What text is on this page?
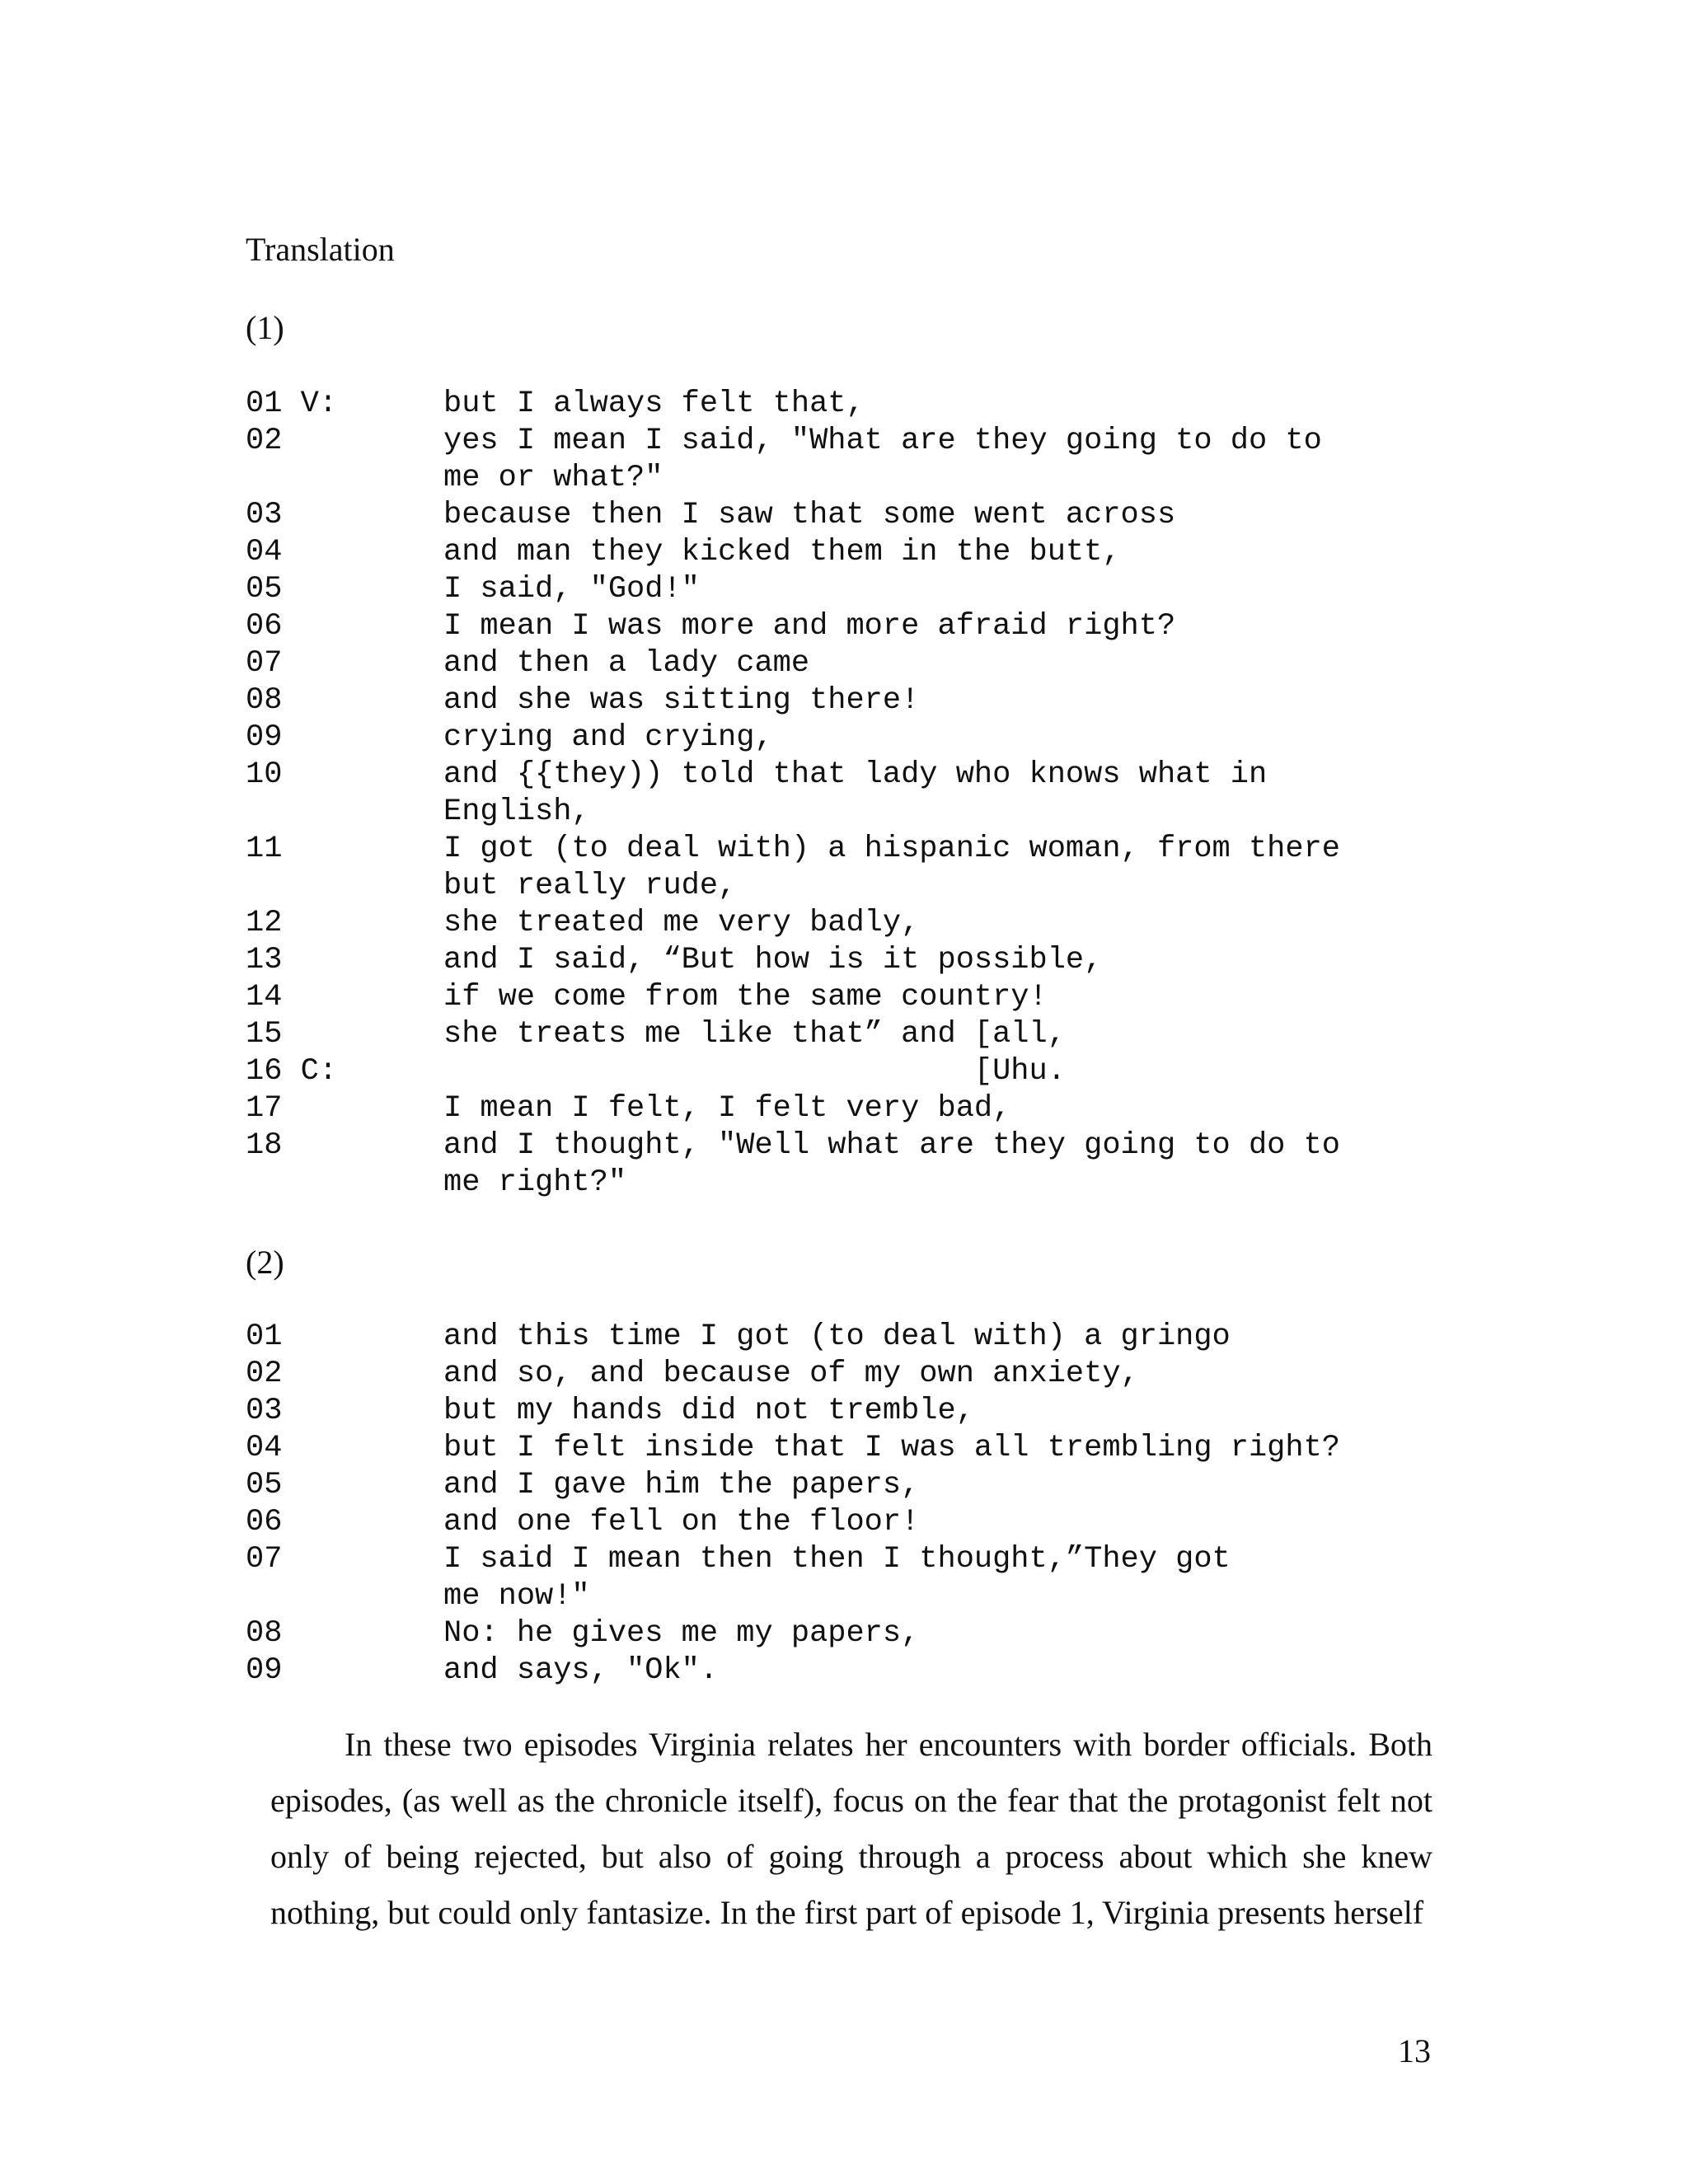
Translation
(1)
01 V:	but I always felt that,
02	yes I mean I said, "What are they going to do to
me or what?"
03	because then I saw that some went across
04	and man they kicked them in the butt,
05	I said, "God!"
06	I mean I was more and more afraid right?
07	and then a lady came
08	and she was sitting there!
09	crying and crying,
10	and {{they)) told that lady who knows what in
English,
11	I got (to deal with) a hispanic woman, from there
but really rude,
12	she treated me very badly,
13	and I said, “But how is it possible,
14	if we come from the same country!
15	she treats me like that” and [all,
16 C:	[Uhu.
17	I mean I felt, I felt very bad,
18	and I thought, "Well what are they going to do to
me right?"
(2)
01	and this time I got (to deal with) a gringo
02	and so, and because of my own anxiety,
03	but my hands did not tremble,
04	but I felt inside that I was all trembling right?
05	and I gave him the papers,
06	and one fell on the floor!
07	I said I mean then then I thought,”They got
me now!"
08	No: he gives me my papers,
09	and says, "Ok".

In these two episodes Virginia relates her encounters with border officials. Both episodes, (as well as the chronicle itself), focus on the fear that the protagonist felt not only of being rejected, but also of going through a process about which she knew nothing, but could only fantasize. In the first part of episode 1, Virginia presents herself

13
